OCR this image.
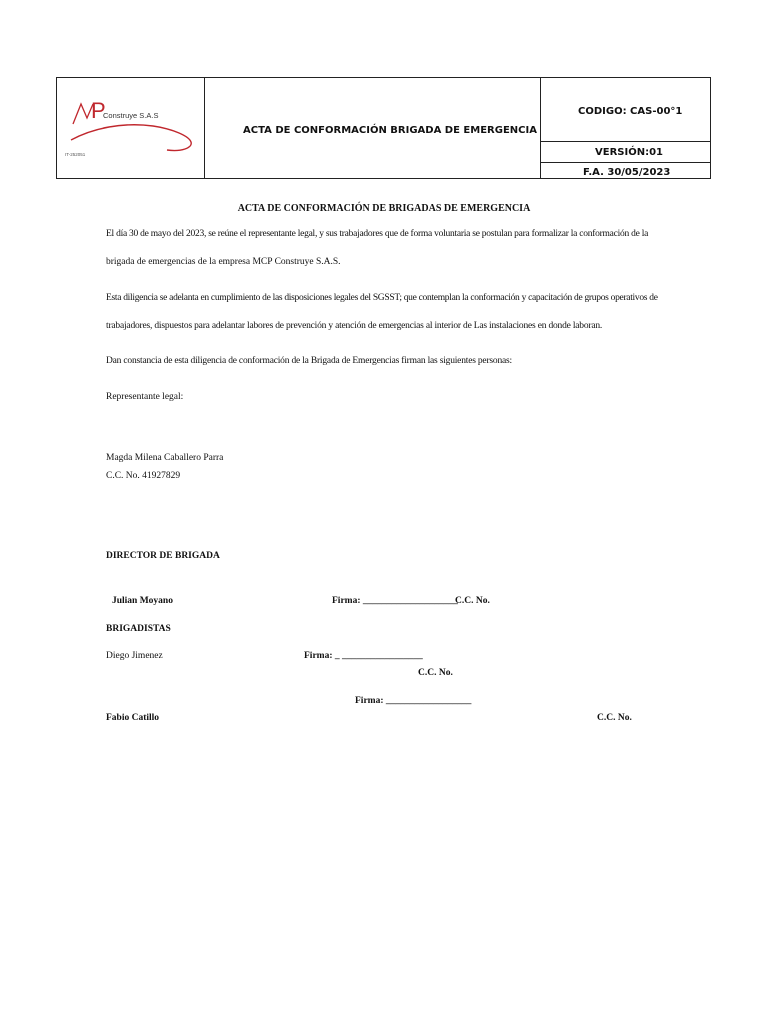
P
Construye S.A.S
IT-252051
ACTA DE CONFORMACIÓN BRIGADA DE EMERGENCIA
CODIGO: CAS-00°1
VERSIÓN:01
F.A. 30/05/2023
ACTA DE CONFORMACIÓN DE BRIGADAS DE EMERGENCIA
El día 30 de mayo del 2023, se reúne el representante legal, y sus trabajadores que de forma voluntaria se postulan para formalizar la conformación de la
brigada de emergencias de la empresa MCP Construye S.A.S.
Esta diligencia se adelanta en cumplimiento de las disposiciones legales del SGSST; que contemplan la conformación y capacitación de grupos operativos de
trabajadores, dispuestos para adelantar labores de prevención y atención de emergencias al interior de Las instalaciones en donde laboran.
Dan constancia de esta diligencia de conformación de la Brigada de Emergencias firman las siguientes personas:
Representante legal:
Magda Milena Caballero Parra
C.C. No. 41927829
DIRECTOR DE BRIGADA
Julian Moyano	Firma: ____________________
C.C. No.
BRIGADISTAS
Diego Jimenez	Firma: _ _________________
C.C. No.
Firma: __________________
Fabio Catillo	C.C. No.
